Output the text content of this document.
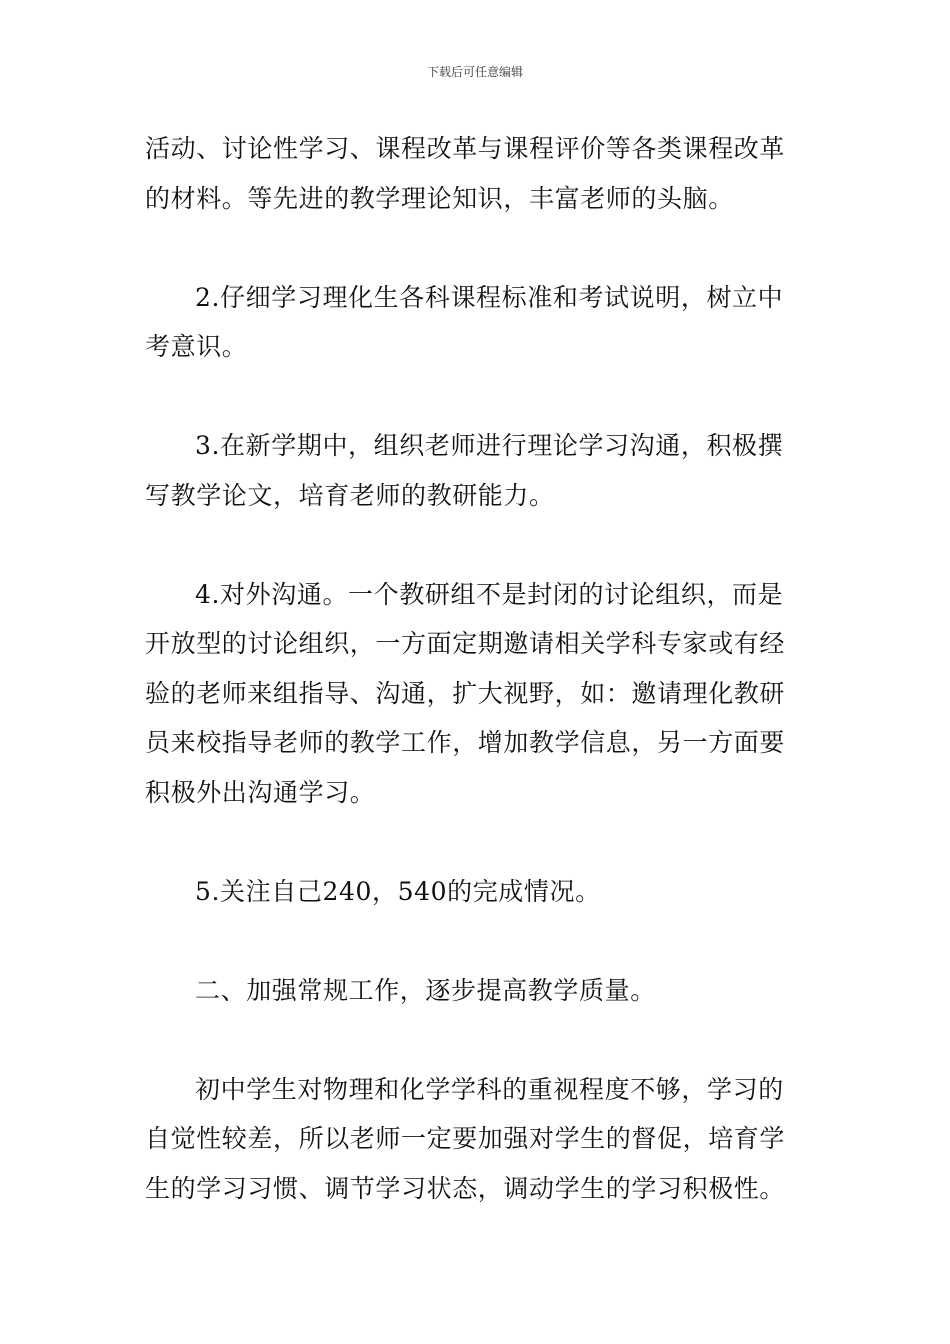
下载后可任意编辑

活动、讨论性学习、课程改革与课程评价等各类课程改革
的材料。等先进的教学理论知识，丰富老师的头脑。

2.仔细学习理化生各科课程标准和考试说明，树立中
考意识。

3.在新学期中，组织老师进行理论学习沟通，积极撰
写教学论文，培育老师的教研能力。

4.对外沟通。一个教研组不是封闭的讨论组织，而是
开放型的讨论组织，一方面定期邀请相关学科专家或有经
验的老师来组指导、沟通，扩大视野，如：邀请理化教研
员来校指导老师的教学工作，增加教学信息，另一方面要
积极外出沟通学习。

5.关注自己240，540的完成情况。

二、加强常规工作，逐步提高教学质量。

初中学生对物理和化学学科的重视程度不够，学习的
自觉性较差，所以老师一定要加强对学生的督促，培育学
生的学习习惯、调节学习状态，调动学生的学习积极性。
